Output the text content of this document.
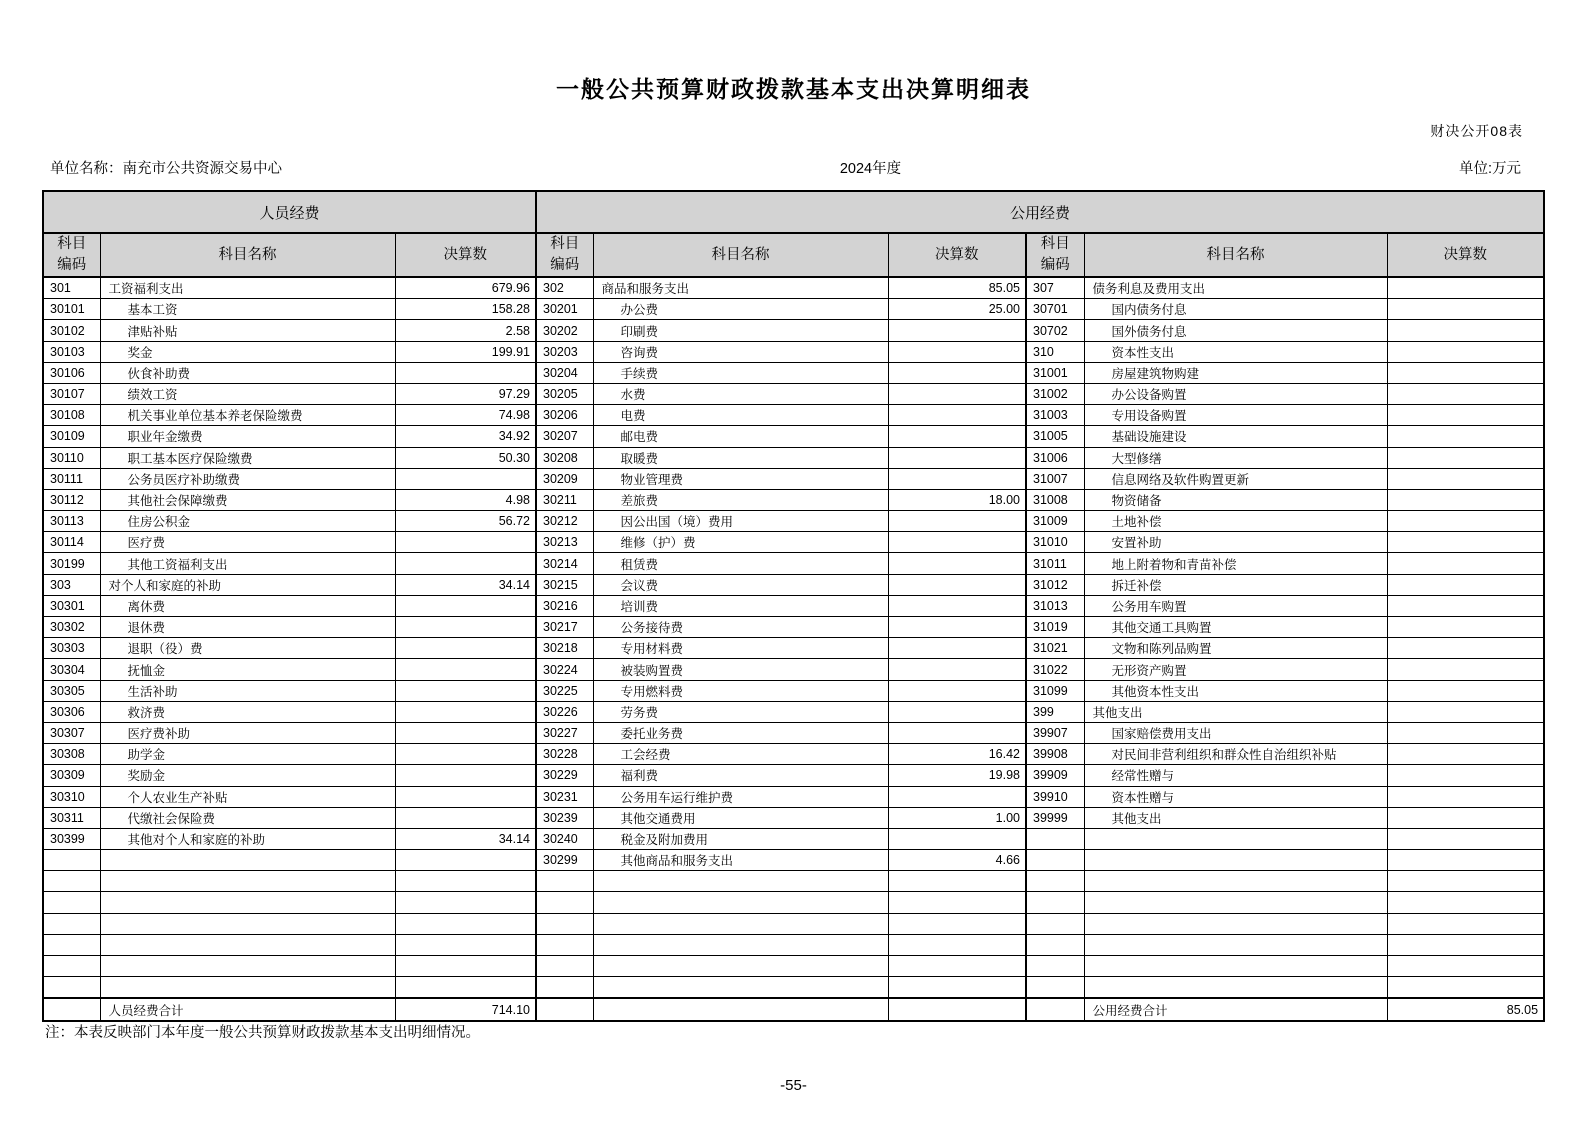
一般公共预算财政拨款基本支出决算明细表
财决公开08表
单位名称：南充市公共资源交易中心	2024年度	单位:万元
人员经费			公用经费					
科目编码	科目名称	决算数	科目编码	科目名称	决算数	科目编码	科目名称	决算数
301	工资福利支出	679.96	302	商品和服务支出	85.05	307	债务利息及费用支出	
30101	基本工资	158.28	30201	办公费	25.00	30701	国内债务付息	
30102	津贴补贴	2.58	30202	印刷费		30702	国外债务付息	
30103	奖金	199.91	30203	咨询费		310	资本性支出	
30106	伙食补助费		30204	手续费		31001	房屋建筑物购建	
30107	绩效工资	97.29	30205	水费		31002	办公设备购置	
30108	机关事业单位基本养老保险缴费	74.98	30206	电费		31003	专用设备购置	
30109	职业年金缴费	34.92	30207	邮电费		31005	基础设施建设	
30110	职工基本医疗保险缴费	50.30	30208	取暖费		31006	大型修缮	
30111	公务员医疗补助缴费		30209	物业管理费		31007	信息网络及软件购置更新	
30112	其他社会保障缴费	4.98	30211	差旅费	18.00	31008	物资储备	
30113	住房公积金	56.72	30212	因公出国（境）费用		31009	土地补偿	
30114	医疗费		30213	维修（护）费		31010	安置补助	
30199	其他工资福利支出		30214	租赁费		31011	地上附着物和青苗补偿	
303	对个人和家庭的补助	34.14	30215	会议费		31012	拆迁补偿	
30301	离休费		30216	培训费		31013	公务用车购置	
30302	退休费		30217	公务接待费		31019	其他交通工具购置	
30303	退职（役）费		30218	专用材料费		31021	文物和陈列品购置	
30304	抚恤金		30224	被装购置费		31022	无形资产购置	
30305	生活补助		30225	专用燃料费		31099	其他资本性支出	
30306	救济费		30226	劳务费		399	其他支出	
30307	医疗费补助		30227	委托业务费		39907	国家赔偿费用支出	
30308	助学金		30228	工会经费	16.42	39908	对民间非营利组织和群众性自治组织补贴	
30309	奖励金		30229	福利费	19.98	39909	经常性赠与	
30310	个人农业生产补贴		30231	公务用车运行维护费		39910	资本性赠与	
30311	代缴社会保险费		30239	其他交通费用	1.00	39999	其他支出	
30399	其他对个人和家庭的补助	34.14	30240	税金及附加费用				
			30299	其他商品和服务支出	4.66			

	人员经费合计	714.10					公用经费合计	85.05
注：本表反映部门本年度一般公共预算财政拨款基本支出明细情况。
-55-
